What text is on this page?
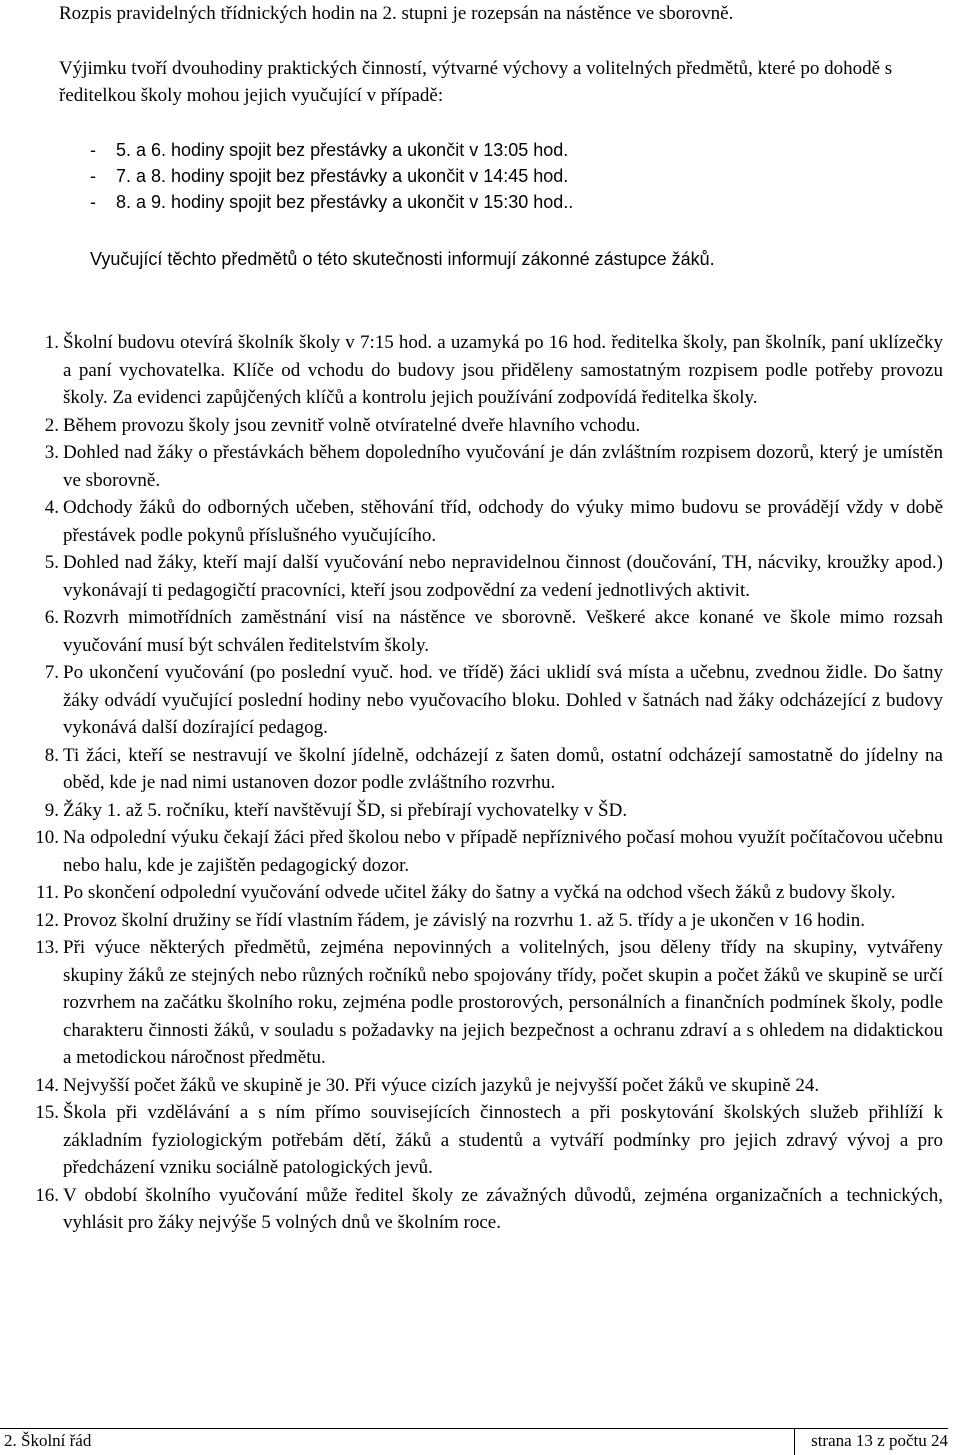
Rozpis pravidelných třídnických hodin na 2. stupni je rozepsán na nástěnce ve sborovně.
Výjimku tvoří dvouhodiny praktických činností, výtvarné výchovy a volitelných předmětů, které po dohodě s ředitelkou školy mohou jejich vyučující v případě:
-	5. a 6. hodiny spojit bez přestávky a ukončit v 13:05 hod.
-	7. a 8. hodiny spojit bez přestávky a ukončit v 14:45 hod.
-	8. a 9. hodiny spojit bez přestávky a ukončit v 15:30 hod..
Vyučující těchto předmětů o této skutečnosti informují zákonné zástupce žáků.
1. Školní budovu otevírá školník školy v 7:15 hod. a uzamyká po 16 hod. ředitelka školy, pan školník, paní uklízečky a paní vychovatelka. Klíče od vchodu do budovy jsou přiděleny samostatným rozpisem podle potřeby provozu školy. Za evidenci zapůjčených klíčů a kontrolu jejich používání zodpovídá ředitelka školy.
2. Během provozu školy jsou zevnitř volně otvíratelné dveře hlavního vchodu.
3. Dohled nad žáky o přestávkách během dopoledního vyučování je dán zvláštním rozpisem dozorů, který je umístěn ve sborovně.
4. Odchody žáků do odborných učeben, stěhování tříd, odchody do výuky mimo budovu se provádějí vždy v době přestávek podle pokynů příslušného vyučujícího.
5. Dohled nad žáky, kteří mají další vyučování nebo nepravidelnou činnost (doučování, TH, nácviky, kroužky apod.) vykonávají ti pedagogičtí pracovníci, kteří jsou zodpovědní za vedení jednotlivých aktivit.
6. Rozvrh mimotřídních zaměstnání visí na nástěnce ve sborovně. Veškeré akce konané ve škole mimo rozsah vyučování musí být schválen ředitelstvím školy.
7. Po ukončení vyučování (po poslední vyuč. hod. ve třídě) žáci uklidí svá místa a učebnu, zvednou židle. Do šatny žáky odvádí vyučující poslední hodiny nebo vyučovacího bloku. Dohled v šatnách nad žáky odcházející z budovy vykonává další dozírající pedagog.
8. Ti žáci, kteří se nestravují ve školní jídelně, odcházejí z šaten domů, ostatní odcházejí samostatně do jídelny na oběd, kde je nad nimi ustanoven dozor podle zvláštního rozvrhu.
9. Žáky 1. až 5. ročníku, kteří navštěvují ŠD, si přebírají vychovatelky v ŠD.
10. Na odpolední výuku čekají žáci před školou nebo v případě nepříznivého počasí mohou využít počítačovou učebnu nebo halu, kde je zajištěn pedagogický dozor.
11. Po skončení odpolední vyučování odvede učitel žáky do šatny a vyčká na odchod všech žáků z budovy školy.
12. Provoz školní družiny se řídí vlastním řádem, je závislý na rozvrhu 1. až 5. třídy a je ukončen v 16 hodin.
13. Při výuce některých předmětů, zejména nepovinných a volitelných, jsou děleny třídy na skupiny, vytvářeny skupiny žáků ze stejných nebo různých ročníků nebo spojovány třídy, počet skupin a počet žáků ve skupině se určí rozvrhem na začátku školního roku, zejména podle prostorových, personálních a finančních podmínek školy, podle charakteru činnosti žáků, v souladu s požadavky na jejich bezpečnost a ochranu zdraví a s ohledem na didaktickou a metodickou náročnost předmětu.
14. Nejvyšší počet žáků ve skupině je 30. Při výuce cizích jazyků je nejvyšší počet žáků ve skupině 24.
15. Škola při vzdělávání a s ním přímo souvisejících činnostech a při poskytování školských služeb přihlíží k základním fyziologickým potřebám dětí, žáků a studentů a vytváří podmínky pro jejich zdravý vývoj a pro předcházení vzniku sociálně patologických jevů.
16. V období školního vyučování může ředitel školy ze závažných důvodů, zejména organizačních a technických, vyhlásit pro žáky nejvýše 5 volných dnů ve školním roce.
2. Školní řád	strana 13 z počtu 24
